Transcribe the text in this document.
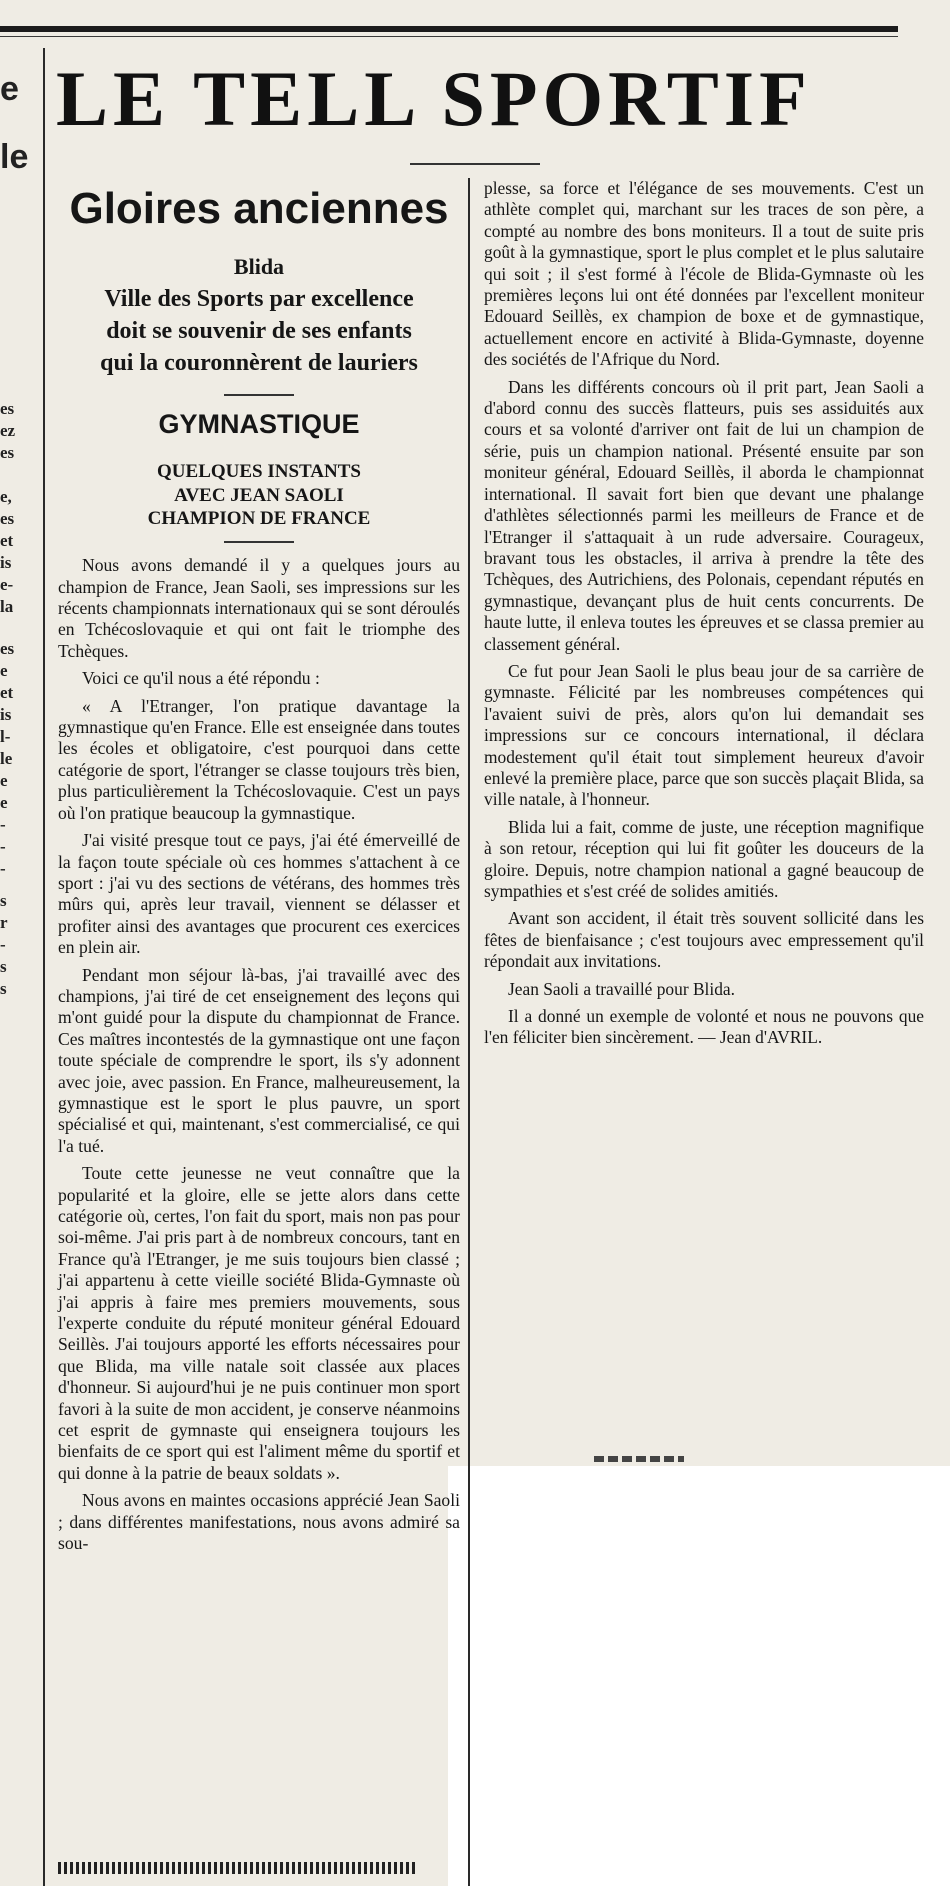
e
le
es
ez
es
e,
es
et
is
e-
la
es
e
et
is
l-
le
e
e
-
-
-
s
r
-
s
s
LE TELL SPORTIF
Gloires anciennes
Blida
Ville des Sports par excellence
doit se souvenir de ses enfants
qui la couronnèrent de lauriers
GYMNASTIQUE
QUELQUES INSTANTS
AVEC JEAN SAOLI
CHAMPION DE FRANCE

Nous avons demandé il y a quelques jours au champion de France, Jean Saoli, ses impressions sur les récents championnats internationaux qui se sont déroulés en Tchécoslovaquie et qui ont fait le triomphe des Tchèques.

Voici ce qu'il nous a été répondu :

« A l'Etranger, l'on pratique davantage la gymnastique qu'en France. Elle est enseignée dans toutes les écoles et obligatoire, c'est pourquoi dans cette catégorie de sport, l'étranger se classe toujours très bien, plus particulièrement la Tchécoslovaquie. C'est un pays où l'on pratique beaucoup la gymnastique.

J'ai visité presque tout ce pays, j'ai été émerveillé de la façon toute spéciale où ces hommes s'attachent à ce sport : j'ai vu des sections de vétérans, des hommes très mûrs qui, après leur travail, viennent se délasser et profiter ainsi des avantages que procurent ces exercices en plein air.

Pendant mon séjour là-bas, j'ai travaillé avec des champions, j'ai tiré de cet enseignement des leçons qui m'ont guidé pour la dispute du championnat de France. Ces maîtres incontestés de la gymnastique ont une façon toute spéciale de comprendre le sport, ils s'y adonnent avec joie, avec passion. En France, malheureusement, la gymnastique est le sport le plus pauvre, un sport spécialisé et qui, maintenant, s'est commercialisé, ce qui l'a tué.

Toute cette jeunesse ne veut connaître que la popularité et la gloire, elle se jette alors dans cette catégorie où, certes, l'on fait du sport, mais non pas pour soi-même. J'ai pris part à de nombreux concours, tant en France qu'à l'Etranger, je me suis toujours bien classé ; j'ai appartenu à cette vieille société Blida-Gymnaste où j'ai appris à faire mes premiers mouvements, sous l'experte conduite du réputé moniteur général Edouard Seillès. J'ai toujours apporté les efforts nécessaires pour que Blida, ma ville natale soit classée aux places d'honneur. Si aujourd'hui je ne puis continuer mon sport favori à la suite de mon accident, je conserve néanmoins cet esprit de gymnaste qui enseignera toujours les bienfaits de ce sport qui est l'aliment même du sportif et qui donne à la patrie de beaux soldats ».

Nous avons en maintes occasions apprécié Jean Saoli ; dans différentes manifestations, nous avons admiré sa sou-

plesse, sa force et l'élégance de ses mouvements. C'est un athlète complet qui, marchant sur les traces de son père, a compté au nombre des bons moniteurs. Il a tout de suite pris goût à la gymnastique, sport le plus complet et le plus salutaire qui soit ; il s'est formé à l'école de Blida-Gymnaste où les premières leçons lui ont été données par l'excellent moniteur Edouard Seillès, ex champion de boxe et de gymnastique, actuellement encore en activité à Blida-Gymnaste, doyenne des sociétés de l'Afrique du Nord.

Dans les différents concours où il prit part, Jean Saoli a d'abord connu des succès flatteurs, puis ses assiduités aux cours et sa volonté d'arriver ont fait de lui un champion de série, puis un champion national. Présenté ensuite par son moniteur général, Edouard Seillès, il aborda le championnat international. Il savait fort bien que devant une phalange d'athlètes sélectionnés parmi les meilleurs de France et de l'Etranger il s'attaquait à un rude adversaire. Courageux, bravant tous les obstacles, il arriva à prendre la tête des Tchèques, des Autrichiens, des Polonais, cependant réputés en gymnastique, devançant plus de huit cents concurrents. De haute lutte, il enleva toutes les épreuves et se classa premier au classement général.

Ce fut pour Jean Saoli le plus beau jour de sa carrière de gymnaste. Félicité par les nombreuses compétences qui l'avaient suivi de près, alors qu'on lui demandait ses impressions sur ce concours international, il déclara modestement qu'il était tout simplement heureux d'avoir enlevé la première place, parce que son succès plaçait Blida, sa ville natale, à l'honneur.

Blida lui a fait, comme de juste, une réception magnifique à son retour, réception qui lui fit goûter les douceurs de la gloire. Depuis, notre champion national a gagné beaucoup de sympathies et s'est créé de solides amitiés.

Avant son accident, il était très souvent sollicité dans les fêtes de bienfaisance ; c'est toujours avec empressement qu'il répondait aux invitations.

Jean Saoli a travaillé pour Blida.

Il a donné un exemple de volonté et nous ne pouvons que l'en féliciter bien sincèrement. — Jean d'AVRIL.
